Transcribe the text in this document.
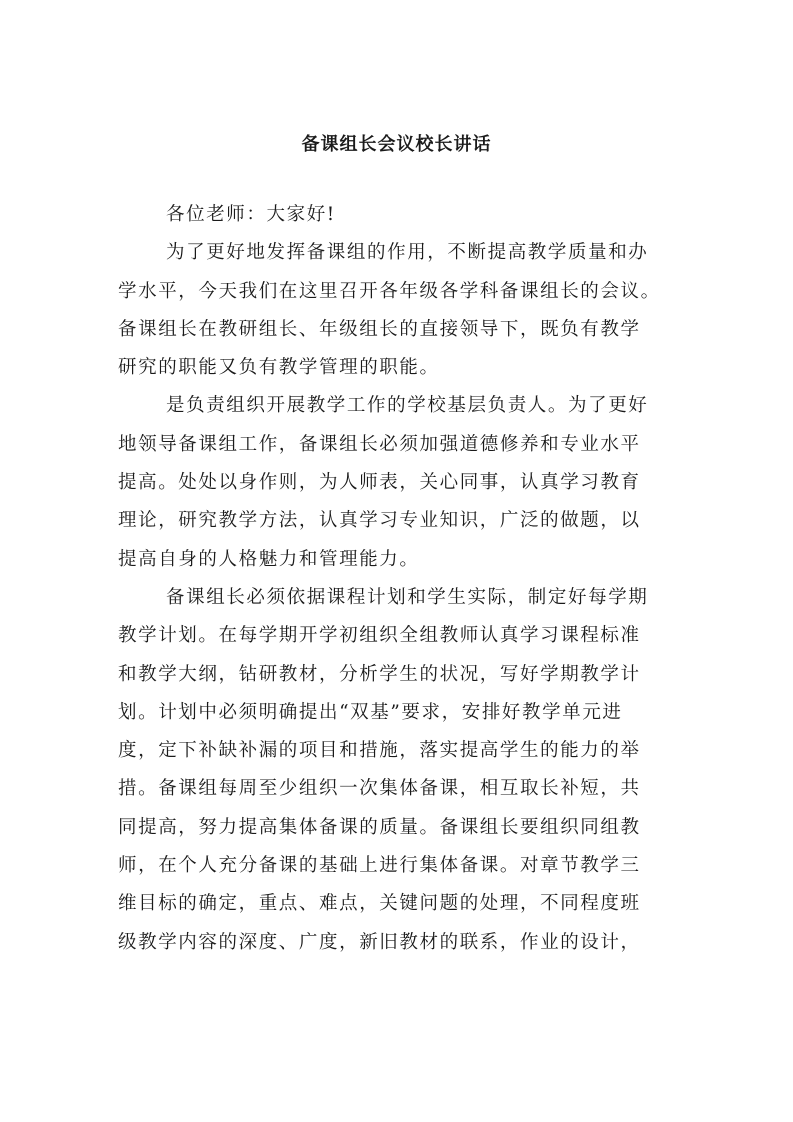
备课组长会议校长讲话
各位老师：大家好!
为了更好地发挥备课组的作用，不断提高教学质量和办
学水平，今天我们在这里召开各年级各学科备课组长的会议。
备课组长在教研组长、年级组长的直接领导下，既负有教学
研究的职能又负有教学管理的职能。
是负责组织开展教学工作的学校基层负责人。为了更好
地领导备课组工作，备课组长必须加强道德修养和专业水平
提高。处处以身作则，为人师表，关心同事，认真学习教育
理论，研究教学方法，认真学习专业知识，广泛的做题，以
提高自身的人格魅力和管理能力。
备课组长必须依据课程计划和学生实际，制定好每学期
教学计划。在每学期开学初组织全组教师认真学习课程标准
和教学大纲，钻研教材，分析学生的状况，写好学期教学计
划。计划中必须明确提出“双基”要求，安排好教学单元进
度，定下补缺补漏的项目和措施，落实提高学生的能力的举
措。备课组每周至少组织一次集体备课，相互取长补短，共
同提高，努力提高集体备课的质量。备课组长要组织同组教
师，在个人充分备课的基础上进行集体备课。对章节教学三
维目标的确定，重点、难点，关键问题的处理，不同程度班
级教学内容的深度、广度，新旧教材的联系，作业的设计，
